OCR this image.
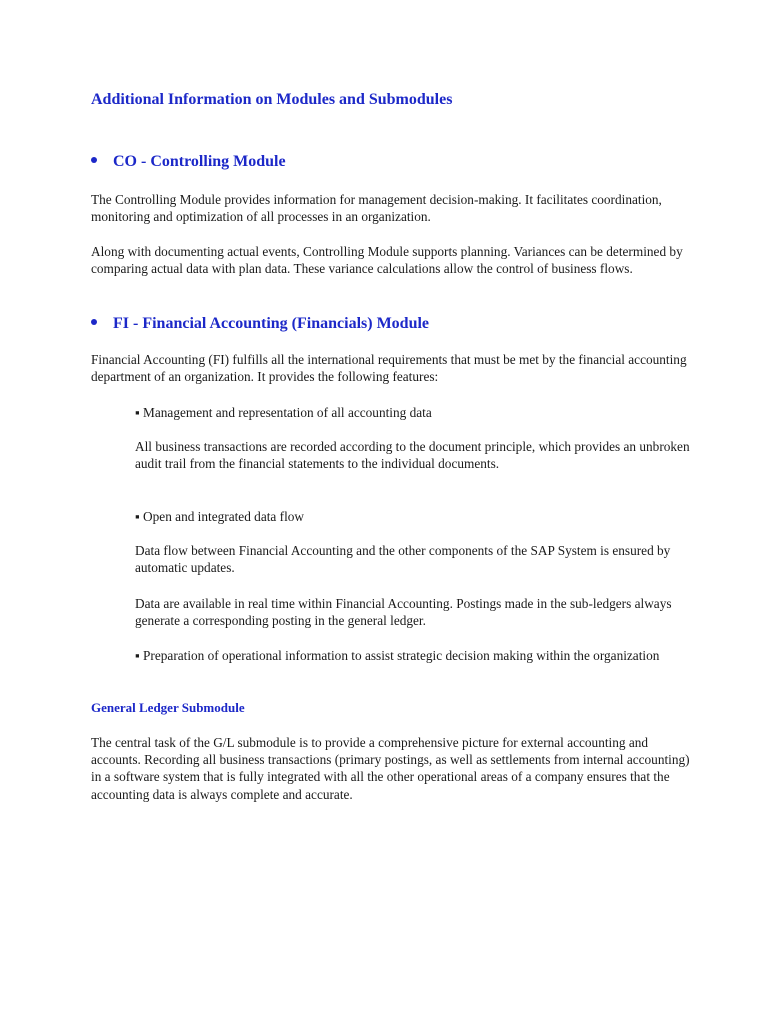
Additional Information on Modules and Submodules
CO - Controlling Module

The Controlling Module provides information for management decision-making. It facilitates coordination, monitoring and optimization of all processes in an organization.

Along with documenting actual events, Controlling Module supports planning. Variances can be determined by comparing actual data with plan data. These variance calculations allow the control of business flows.

FI - Financial Accounting (Financials) Module

Financial Accounting (FI) fulfills all the international requirements that must be met by the financial accounting department of an organization. It provides the following features:

▪ Management and representation of all accounting data

All business transactions are recorded according to the document principle, which provides an unbroken audit trail from the financial statements to the individual documents.

▪ Open and integrated data flow

Data flow between Financial Accounting and the other components of the SAP System is ensured by automatic updates.

Data are available in real time within Financial Accounting. Postings made in the sub-ledgers always generate a corresponding posting in the general ledger.

▪ Preparation of operational information to assist strategic decision making within the organization

General Ledger Submodule

The central task of the G/L submodule is to provide a comprehensive picture for external accounting and accounts. Recording all business transactions (primary postings, as well as settlements from internal accounting) in a software system that is fully integrated with all the other operational areas of a company ensures that the accounting data is always complete and accurate.
